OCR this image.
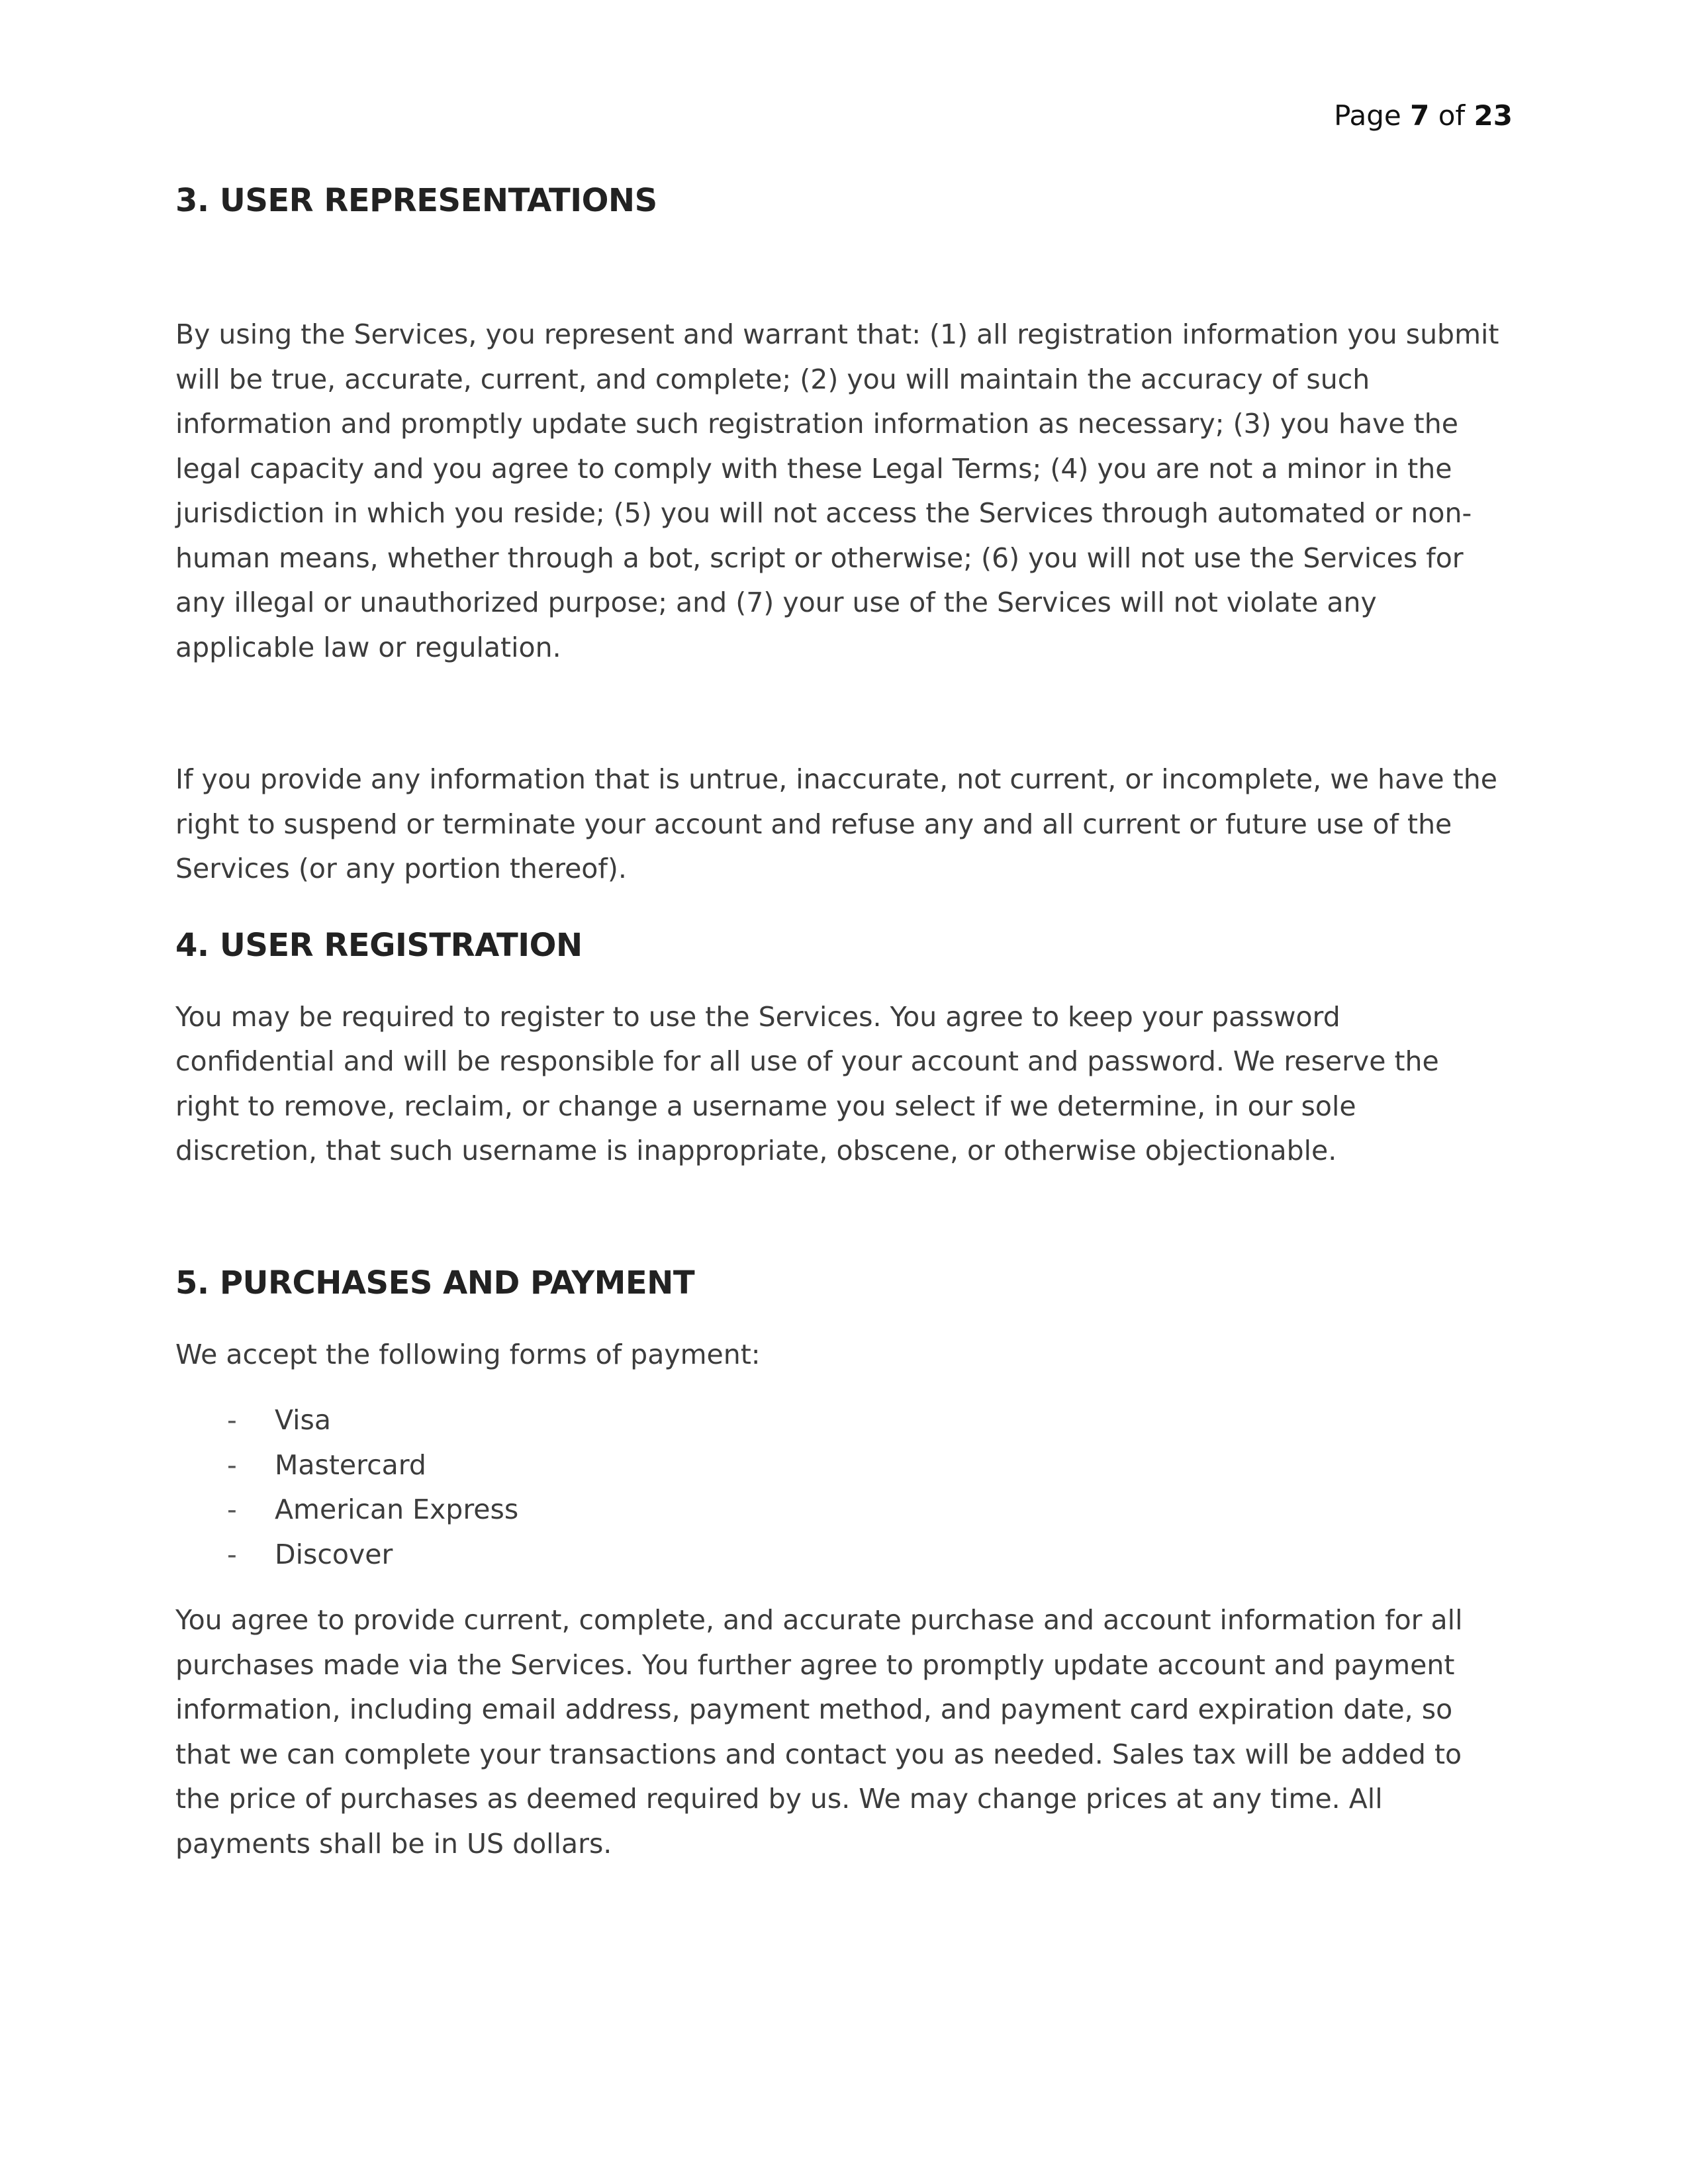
Page 7 of 23
3. USER REPRESENTATIONS

By using the Services, you represent and warrant that: (1) all registration information you submit will be true, accurate, current, and complete; (2) you will maintain the accuracy of such information and promptly update such registration information as necessary; (3) you have the legal capacity and you agree to comply with these Legal Terms; (4) you are not a minor in the jurisdiction in which you reside; (5) you will not access the Services through automated or non-human means, whether through a bot, script or otherwise; (6) you will not use the Services for any illegal or unauthorized purpose; and (7) your use of the Services will not violate any applicable law or regulation.

If you provide any information that is untrue, inaccurate, not current, or incomplete, we have the right to suspend or terminate your account and refuse any and all current or future use of the Services (or any portion thereof).

4. USER REGISTRATION

You may be required to register to use the Services. You agree to keep your password confidential and will be responsible for all use of your account and password. We reserve the right to remove, reclaim, or change a username you select if we determine, in our sole discretion, that such username is inappropriate, obscene, or otherwise objectionable.

5. PURCHASES AND PAYMENT

We accept the following forms of payment:

- Visa
- Mastercard
- American Express
- Discover

You agree to provide current, complete, and accurate purchase and account information for all purchases made via the Services. You further agree to promptly update account and payment information, including email address, payment method, and payment card expiration date, so that we can complete your transactions and contact you as needed. Sales tax will be added to the price of purchases as deemed required by us. We may change prices at any time. All payments shall be in US dollars.
